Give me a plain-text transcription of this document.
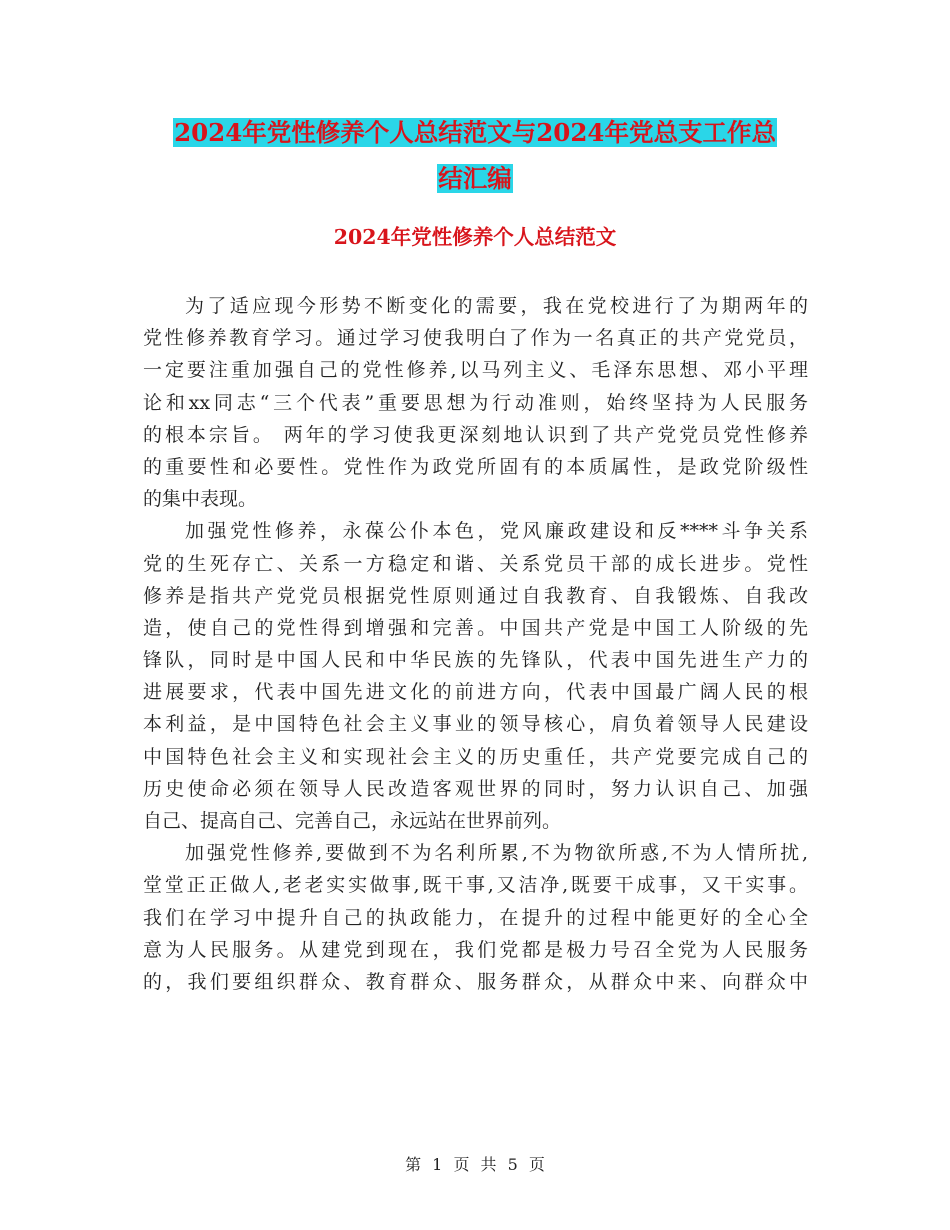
2024年党性修养个人总结范文与2024年党总支工作总
结汇编
2024年党性修养个人总结范文
为了适应现今形势不断变化的需要，我在党校进行了为期两年的
党性修养教育学习。通过学习使我明白了作为一名真正的共产党党员，
一定要注重加强自己的党性修养,以马列主义、毛泽东思想、邓小平理
论和xx同志“三个代表”重要思想为行动准则，始终坚持为人民服务
的根本宗旨。 两年的学习使我更深刻地认识到了共产党党员党性修养
的重要性和必要性。党性作为政党所固有的本质属性，是政党阶级性
的集中表现。
加强党性修养，永葆公仆本色，党风廉政建设和反****斗争关系
党的生死存亡、关系一方稳定和谐、关系党员干部的成长进步。党性
修养是指共产党党员根据党性原则通过自我教育、自我锻炼、自我改
造，使自己的党性得到增强和完善。中国共产党是中国工人阶级的先
锋队，同时是中国人民和中华民族的先锋队，代表中国先进生产力的
进展要求，代表中国先进文化的前进方向，代表中国最广阔人民的根
本利益，是中国特色社会主义事业的领导核心，肩负着领导人民建设
中国特色社会主义和实现社会主义的历史重任，共产党要完成自己的
历史使命必须在领导人民改造客观世界的同时，努力认识自己、加强
自己、提高自己、完善自己，永远站在世界前列。
加强党性修养,要做到不为名利所累,不为物欲所惑,不为人情所扰,
堂堂正正做人,老老实实做事,既干事,又洁净,既要干成事，又干实事。
我们在学习中提升自己的执政能力，在提升的过程中能更好的全心全
意为人民服务。从建党到现在，我们党都是极力号召全党为人民服务
的，我们要组织群众、教育群众、服务群众，从群众中来、向群众中
第 1 页 共 5 页
